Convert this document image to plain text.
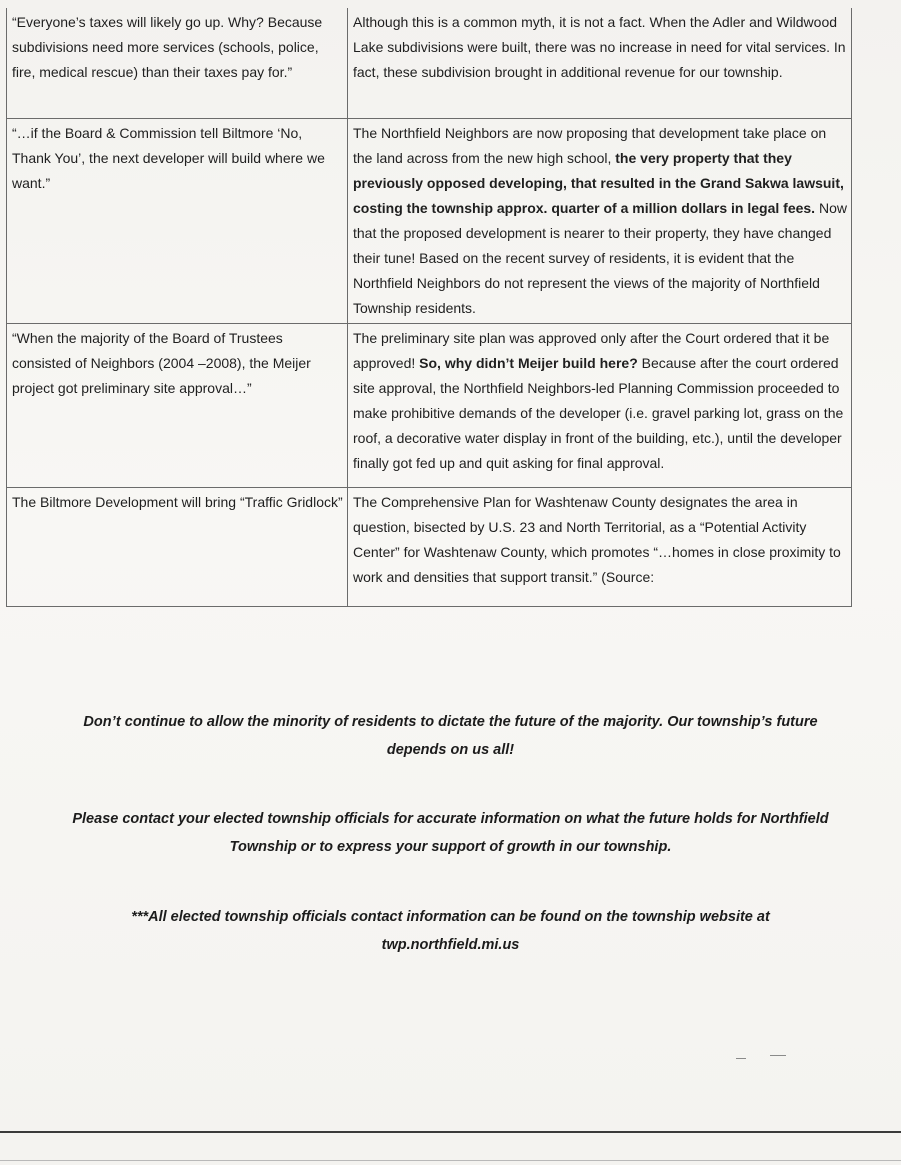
“Everyone’s taxes will likely go up. Why? Because subdivisions need more services (schools, police, fire, medical rescue) than their taxes pay for.”	Although this is a common myth, it is not a fact. When the Adler and Wildwood Lake subdivisions were built, there was no increase in need for vital services. In fact, these subdivision brought in additional revenue for our township.
“…if the Board & Commission tell Biltmore ‘No, Thank You’, the next developer will build where we want.”	The Northfield Neighbors are now proposing that development take place on the land across from the new high school, the very property that they previously opposed developing, that resulted in the Grand Sakwa lawsuit, costing the township approx. quarter of a million dollars in legal fees. Now that the proposed development is nearer to their property, they have changed their tune! Based on the recent survey of residents, it is evident that the Northfield Neighbors do not represent the views of the majority of Northfield Township residents.
“When the majority of the Board of Trustees consisted of Neighbors (2004 –2008), the Meijer project got preliminary site approval…”	The preliminary site plan was approved only after the Court ordered that it be approved! So, why didn’t Meijer build here? Because after the court ordered site approval, the Northfield Neighbors-led Planning Commission proceeded to make prohibitive demands of the developer (i.e. gravel parking lot, grass on the roof, a decorative water display in front of the building, etc.), until the developer finally got fed up and quit asking for final approval.
The Biltmore Development will bring “Traffic Gridlock”	The Comprehensive Plan for Washtenaw County designates the area in question, bisected by U.S. 23 and North Territorial, as a “Potential Activity Center” for Washtenaw County, which promotes “…homes in close proximity to work and densities that support transit.” (Source:
Don’t continue to allow the minority of residents to dictate the future of the majority. Our township’s future depends on us all!
Please contact your elected township officials for accurate information on what the future holds for Northfield Township or to express your support of growth in our township.
***All elected township officials contact information can be found on the township website at
twp.northfield.mi.us
